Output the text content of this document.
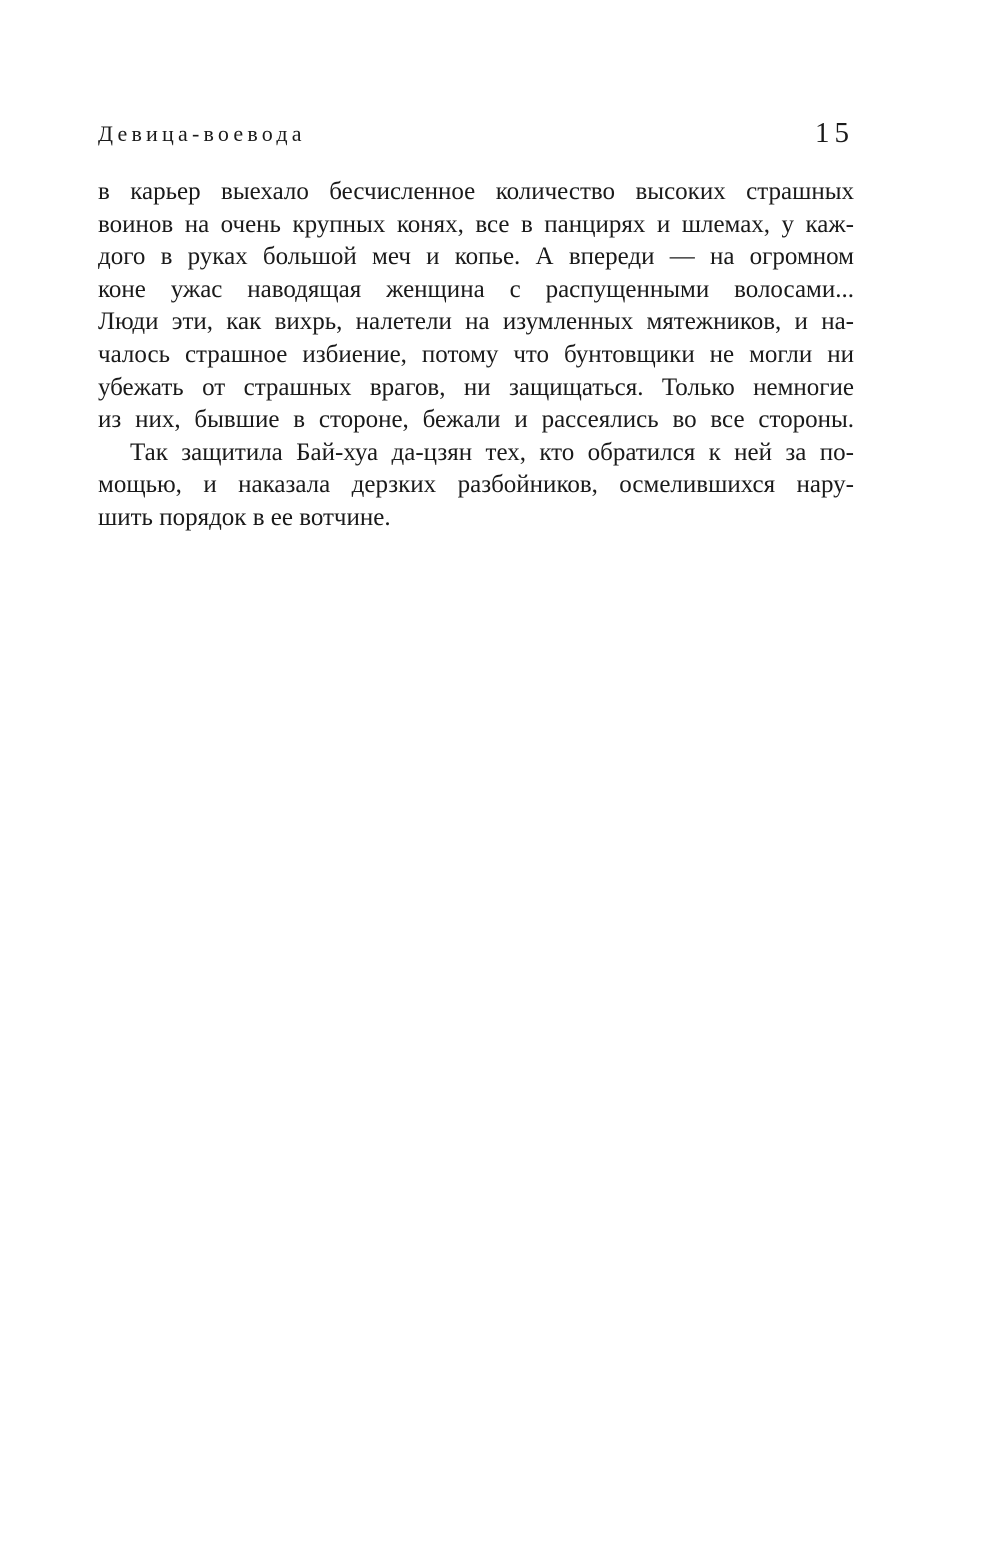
Девица-воевода	15
в карьер выехало бесчисленное количество высоких страшных
воинов на очень крупных конях, все в панцирях и шлемах, у каж-
дого в руках большой меч и копье. А впереди — на огромном
коне ужас наводящая женщина с распущенными волосами...
Люди эти, как вихрь, налетели на изумленных мятежников, и на-
чалось страшное избиение, потому что бунтовщики не могли ни
убежать от страшных врагов, ни защищаться. Только немногие
из них, бывшие в стороне, бежали и рассеялись во все стороны.
Так защитила Бай-хуа да-цзян тех, кто обратился к ней за по-
мощью, и наказала дерзких разбойников, осмелившихся нару-
шить порядок в ее вотчине.
